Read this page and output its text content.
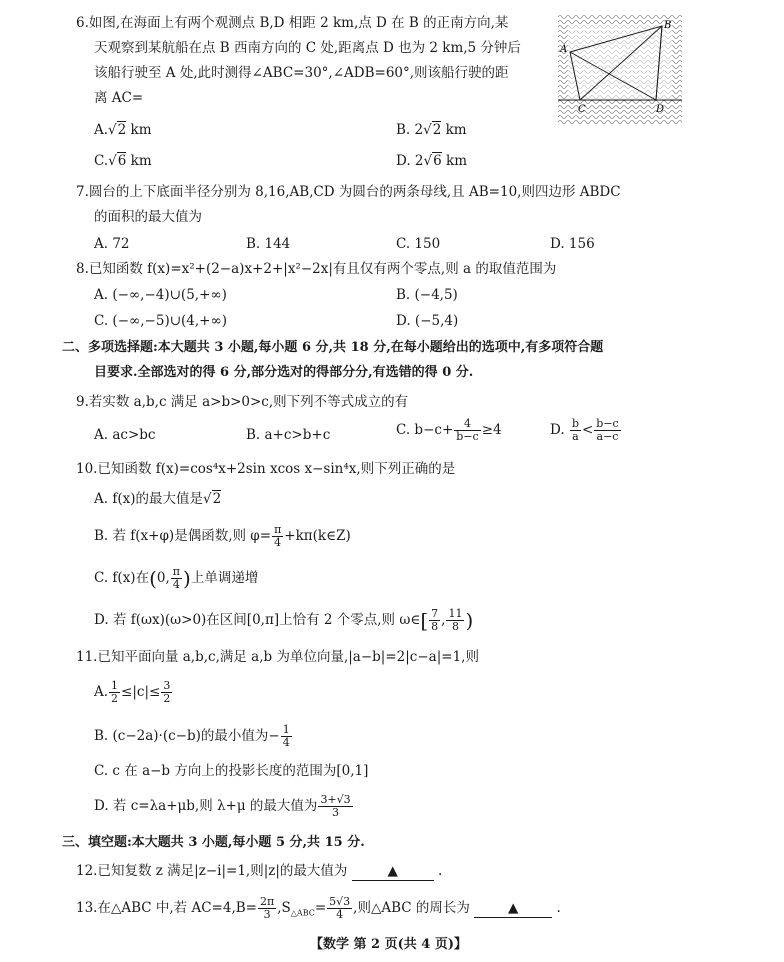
6.如图,在海面上有两个观测点 B,D 相距 2 km,点 D 在 B 的正南方向,某
天观察到某航船在点 B 西南方向的 C 处,距离点 D 也为 2 km,5 分钟后
该船行驶至 A 处,此时测得∠ABC=30°,∠ADB=60°,则该船行驶的距
离 AC=
A.√2 km	B. 2√2 km
C.√6 km	D. 2√6 km
A
B
C	D
7.圆台的上下底面半径分别为 8,16,AB,CD 为圆台的两条母线,且 AB=10,则四边形 ABDC
的面积的最大值为
A. 72	B. 144	C. 150	D. 156
8.已知函数 f(x)=x²+(2−a)x+2+|x²−2x|有且仅有两个零点,则 a 的取值范围为
A. (−∞,−4)∪(5,+∞)	B. (−4,5)
C. (−∞,−5)∪(4,+∞)	D. (−5,4)
二、多项选择题:本大题共 3 小题,每小题 6 分,共 18 分,在每小题给出的选项中,有多项符合题
目要求.全部选对的得 6 分,部分选对的得部分分,有选错的得 0 分.
9.若实数 a,b,c 满足 a>b>0>c,则下列不等式成立的有
A. ac>bc	B. a+c>b+c	C. $b-c+ \frac{4}{b-c} \ge 4$	D. $\frac{b}{a} < \frac{b-c}{a-c}$
10.已知函数 f(x)=cos⁴x+2sin xcos x−sin⁴x,则下列正确的是
A. f(x)的最大值是√2
B. 若 f(x+φ)是偶函数,则 $\varphi= \frac{\pi}{4}$ +kπ(k∈Z)
C. f(x)在(0, $\frac{\pi}{4}$ )上单调递增
D. 若 f(ωx)(ω>0)在区间[0,π]上恰有 2 个零点,则 ω∈[ $\frac{7}{8}$ , $\frac{11}{8}$ )
11.已知平面向量 a,b,c,满足 a,b 为单位向量,|a−b|=2|c−a|=1,则
A. $\frac{1}{2} \le|c|\le \frac{3}{2}$
B. (c−2a)·(c−b)的最小值为− $\frac{1}{4}$
C. c 在 a−b 方向上的投影长度的范围为[0,1]
D. 若 c=λa+μb,则 λ+μ 的最大值为 $\frac{3+√3}{3}$
三、填空题:本大题共 3 小题,每小题 5 分,共 15 分.
12.已知复数 z 满足|z−i|=1,则|z|的最大值为	▲	.
13.在△ABC 中,若 $AC=4,B= \frac{2\pi}{3} ,S_{\triangle ABC}= \frac{5√3}{4}$ ,则△ABC 的周长为	▲	.
【数学 第 2 页(共 4 页)】
